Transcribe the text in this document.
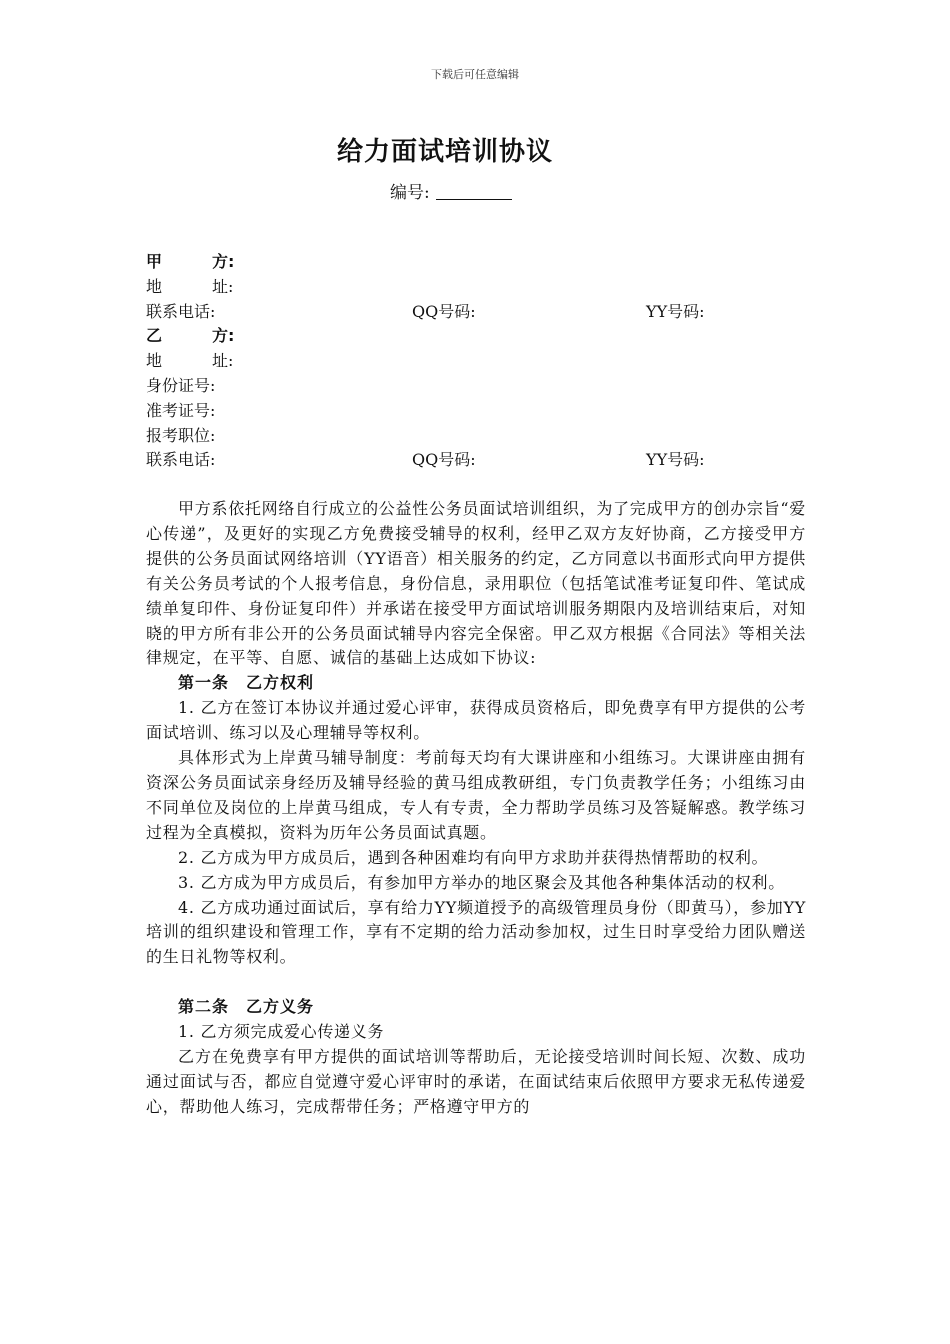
下载后可任意编辑
给力面试培训协议
编号:
甲方 :
地址 :
联系电话:	QQ号码:	YY号码:
乙方 :
地址 :
身份证号:
准考证号:
报考职位:
联系电话:	QQ号码:	YY号码:

甲方系依托网络自行成立的公益性公务员面试培训组织，为了完成甲方的创办宗旨“爱心传递”，及更好的实现乙方免费接受辅导的权利，经甲乙双方友好协商，乙方接受甲方提供的公务员面试网络培训（YY语音）相关服务的约定，乙方同意以书面形式向甲方提供有关公务员考试的个人报考信息，身份信息，录用职位（包括笔试准考证复印件、笔试成绩单复印件、身份证复印件）并承诺在接受甲方面试培训服务期限内及培训结束后，对知晓的甲方所有非公开的公务员面试辅导内容完全保密。甲乙双方根据《合同法》等相关法律规定，在平等、自愿、诚信的基础上达成如下协议:

第一条　乙方权利

1. 乙方在签订本协议并通过爱心评审，获得成员资格后，即免费享有甲方提供的公考面试培训、练习以及心理辅导等权利。

具体形式为上岸黄马辅导制度：考前每天均有大课讲座和小组练习。大课讲座由拥有资深公务员面试亲身经历及辅导经验的黄马组成教研组，专门负责教学任务；小组练习由不同单位及岗位的上岸黄马组成，专人有专责，全力帮助学员练习及答疑解惑。教学练习过程为全真模拟，资料为历年公务员面试真题。

2. 乙方成为甲方成员后，遇到各种困难均有向甲方求助并获得热情帮助的权利。

3. 乙方成为甲方成员后，有参加甲方举办的地区聚会及其他各种集体活动的权利。

4. 乙方成功通过面试后，享有给力YY频道授予的高级管理员身份（即黄马），参加YY培训的组织建设和管理工作，享有不定期的给力活动参加权，过生日时享受给力团队赠送的生日礼物等权利。

第二条　乙方义务

1. 乙方须完成爱心传递义务

乙方在免费享有甲方提供的面试培训等帮助后，无论接受培训时间长短、次数、成功通过面试与否，都应自觉遵守爱心评审时的承诺，在面试结束后依照甲方要求无私传递爱心，帮助他人练习，完成帮带任务；严格遵守甲方的
